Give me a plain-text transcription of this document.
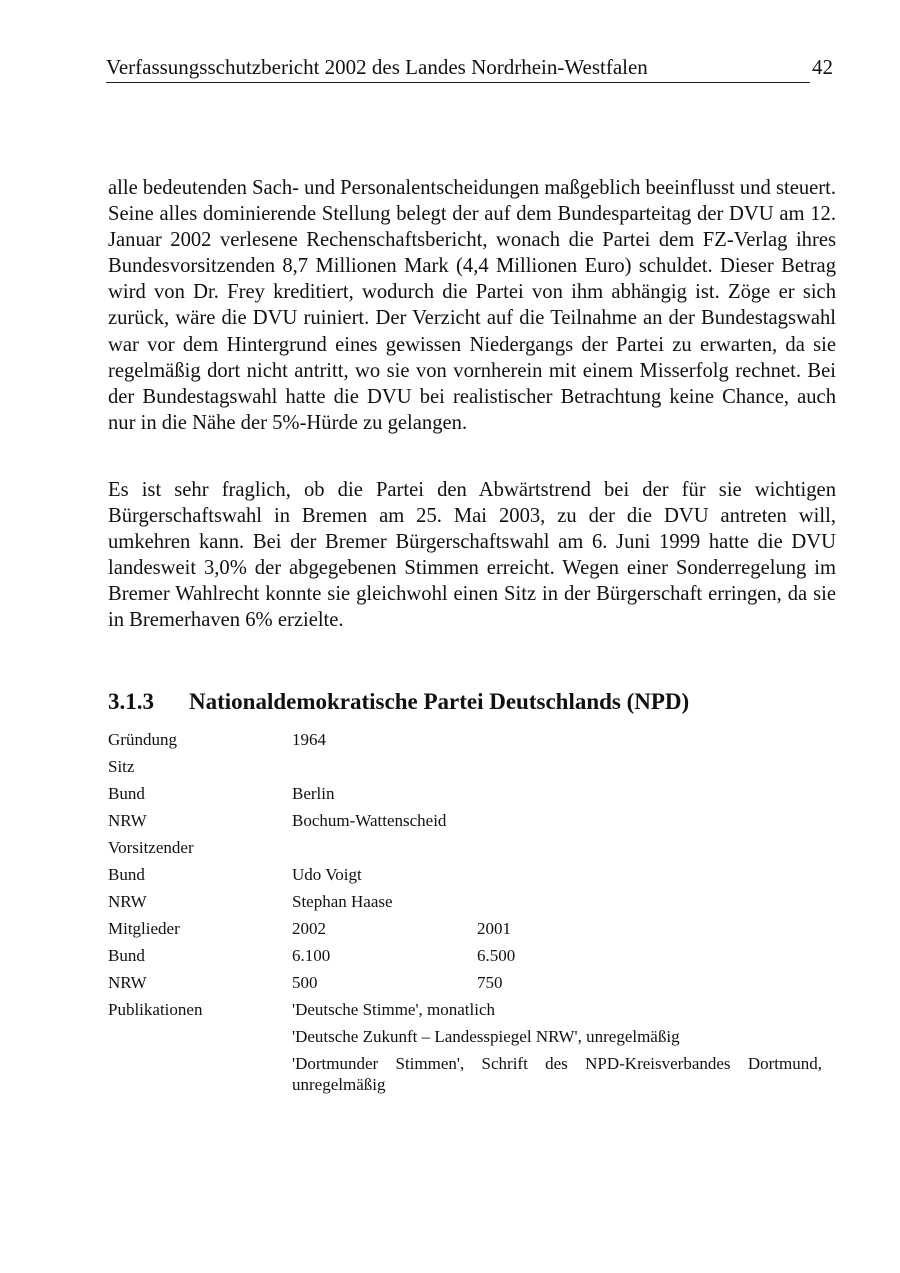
Verfassungsschutzbericht 2002 des Landes Nordrhein-Westfalen	42

alle bedeutenden Sach- und Personalentscheidungen maßgeblich beeinflusst und steuert. Seine alles dominierende Stellung belegt der auf dem Bundesparteitag der DVU am 12. Januar 2002 verlesene Rechenschaftsbericht, wonach die Partei dem FZ-Verlag ihres Bundesvorsitzenden 8,7 Millionen Mark (4,4 Millionen Euro) schuldet. Dieser Betrag wird von Dr. Frey kreditiert, wodurch die Partei von ihm abhängig ist. Zöge er sich zurück, wäre die DVU ruiniert. Der Verzicht auf die Teilnahme an der Bundestagswahl war vor dem Hintergrund eines gewissen Niedergangs der Partei zu erwarten, da sie regelmäßig dort nicht antritt, wo sie von vornherein mit einem Misserfolg rechnet. Bei der Bundestagswahl hatte die DVU bei realistischer Betrachtung keine Chance, auch nur in die Nähe der 5%-Hürde zu gelangen.

Es ist sehr fraglich, ob die Partei den Abwärtstrend bei der für sie wichtigen Bürgerschaftswahl in Bremen am 25. Mai 2003, zu der die DVU antreten will, umkehren kann. Bei der Bremer Bürgerschaftswahl am 6. Juni 1999 hatte die DVU landesweit 3,0% der abgegebenen Stimmen erreicht. Wegen einer Sonderregelung im Bremer Wahlrecht konnte sie gleichwohl einen Sitz in der Bürgerschaft erringen, da sie in Bremerhaven 6% erzielte.

3.1.3 Nationaldemokratische Partei Deutschlands (NPD)
Gründung	1964
Sitz
Bund	Berlin
NRW	Bochum-Wattenscheid
Vorsitzender
Bund	Udo Voigt
NRW	Stephan Haase
Mitglieder	2002	2001
Bund	6.100	6.500
NRW	500	750
Publikationen	'Deutsche Stimme', monatlich
'Deutsche Zukunft – Landesspiegel NRW', unregelmäßig
'Dortmunder Stimmen', Schrift des NPD-Kreisverbandes Dortmund, unregelmäßig
